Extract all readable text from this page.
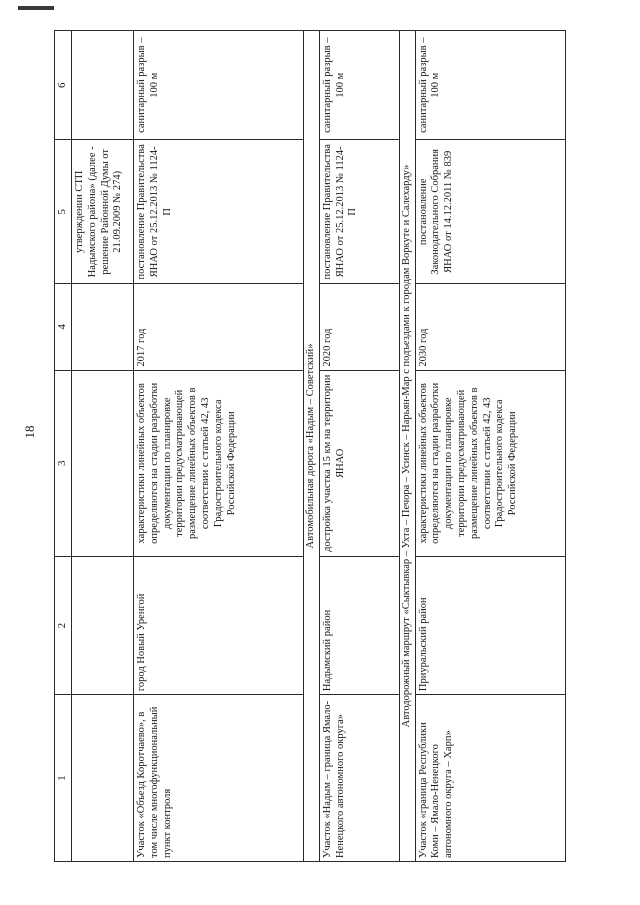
18
1	2	3	4	5	6
				утверждении СТП Надымского района» (далее - решение Районной Думы от 21.09.2009 № 274)	
Участок «Объезд Коротчаево», в том числе многофункциональный пункт контроля	город Новый Уренгой	характеристики линейных объектов определяются на стадии разработки документации по планировке территории предусматривающей размещение линейных объектов в соответствии с статьей 42, 43 Градостроительного кодекса Российской Федерации	2017 год	постановление Правительства ЯНАО от 25.12.2013 № 1124-П	санитарный разрыв – 100 м
Автомобильная дорога «Надым – Советский»					
Участок «Надым – граница Ямало-Ненецкого автономного округа»	Надымский район	достройка участка 15 км на территории ЯНАО	2020 год	постановление Правительства ЯНАО от 25.12.2013 № 1124-П	санитарный разрыв – 100 м
Автодорожный маршрут «Сыктывкар – Ухта – Печора – Усинск – Нарьян-Мар с подъездами к городам Воркуте и Салехарду»					
Участок «граница Республики Коми – Ямало-Ненецкого автономного округа – Харп»	Приуральский район	характеристики линейных объектов определяются на стадии разработки документации по планировке территории предусматривающей размещение линейных объектов в соответствии с статьей 42, 43 Градостроительного кодекса Российской Федерации	2030 год	постановление Законодательного Собрания ЯНАО от 14.12.2011 № 839	санитарный разрыв – 100 м
